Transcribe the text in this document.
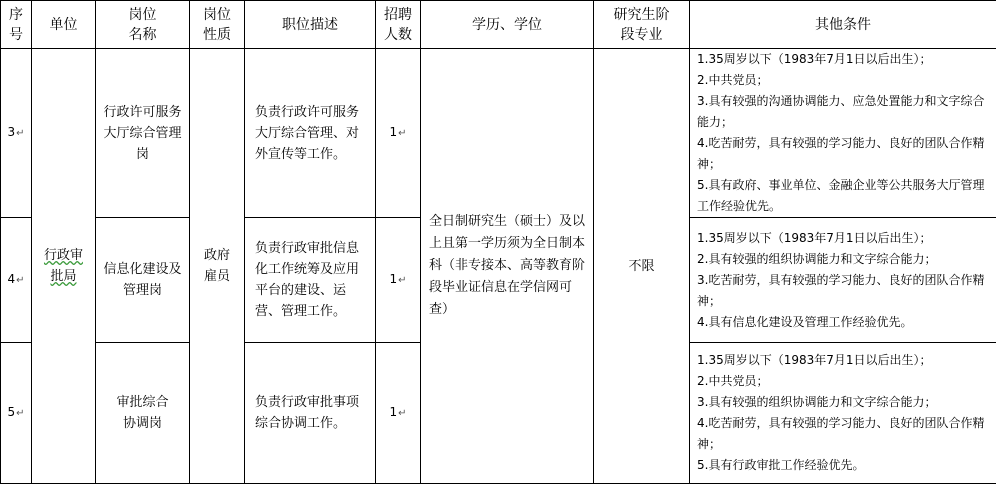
序号	单位	岗位名称	岗位性质	职位描述	招聘人数	学历、学位	研究生阶段专业	其他条件
3↵	行政审批局	行政许可服务大厅综合管理岗	政府雇员	负责行政许可服务大厅综合管理、对外宣传等工作。	1↵	全日制研究生（硕士）及以上且第一学历须为全日制本科（非专接本、高等教育阶段毕业证信息在学信网可查）	不限	1.35周岁以下（1983年7月1日以后出生）；
2.中共党员；
3.具有较强的沟通协调能力、应急处置能力和文字综合能力；
4.吃苦耐劳，具有较强的学习能力、良好的团队合作精神；
5.具有政府、事业单位、金融企业等公共服务大厅管理工作经验优先。

4↵		信息化建设及管理岗		负责行政审批信息化工作统筹及应用平台的建设、运营、管理工作。	1↵			1.35周岁以下（1983年7月1日以后出生）；
2.具有较强的组织协调能力和文字综合能力；
3.吃苦耐劳，具有较强的学习能力、良好的团队合作精神；
4.具有信息化建设及管理工作经验优先。

5↵		审批综合协调岗		负责行政审批事项综合协调工作。	1↵			1.35周岁以下（1983年7月1日以后出生）；
2.中共党员；
3.具有较强的组织协调能力和文字综合能力；
4.吃苦耐劳，具有较强的学习能力、良好的团队合作精神；
5.具有行政审批工作经验优先。
